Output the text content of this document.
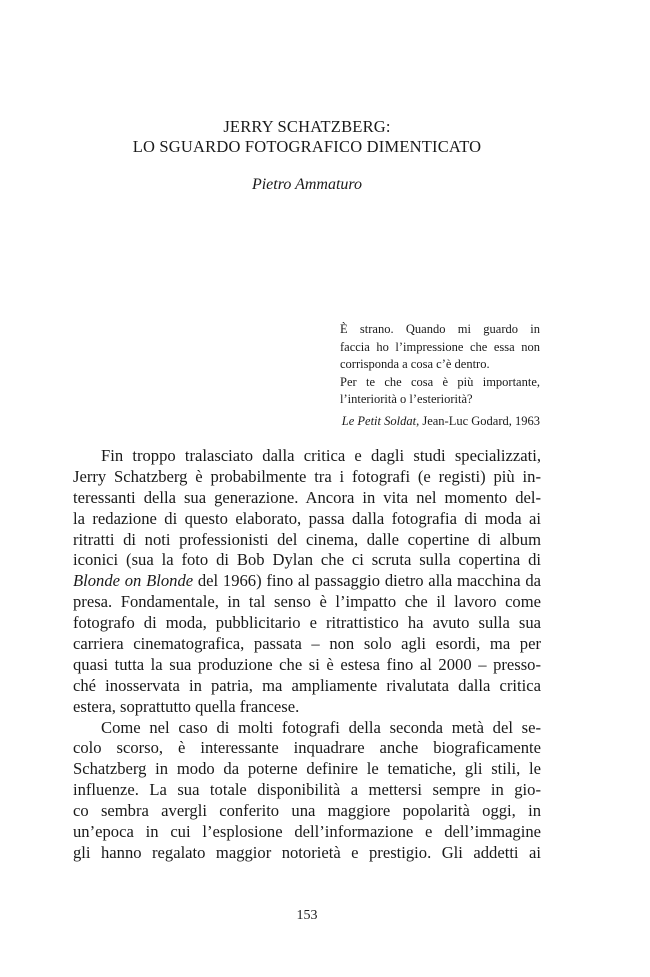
JERRY SCHATZBERG:
LO SGUARDO FOTOGRAFICO DIMENTICATO
Pietro Ammaturo
È strano. Quando mi guardo in
faccia ho l’impressione che essa non
corrisponda a cosa c’è dentro.
Per te che cosa è più importante,
l’interiorità o l’esteriorità?
Le Petit Soldat, Jean-Luc Godard, 1963
Fin troppo tralasciato dalla critica e dagli studi specializzati,
Jerry Schatzberg è probabilmente tra i fotografi (e registi) più in-
teressanti della sua generazione. Ancora in vita nel momento del-
la redazione di questo elaborato, passa dalla fotografia di moda ai
ritratti di noti professionisti del cinema, dalle copertine di album
iconici (sua la foto di Bob Dylan che ci scruta sulla copertina di
Blonde on Blonde del 1966) fino al passaggio dietro alla macchina da
presa. Fondamentale, in tal senso è l’impatto che il lavoro come
fotografo di moda, pubblicitario e ritrattistico ha avuto sulla sua
carriera cinematografica, passata – non solo agli esordi, ma per
quasi tutta la sua produzione che si è estesa fino al 2000 – presso-
ché inosservata in patria, ma ampliamente rivalutata dalla critica
estera, soprattutto quella francese.
Come nel caso di molti fotografi della seconda metà del se-
colo scorso, è interessante inquadrare anche biograficamente
Schatzberg in modo da poterne definire le tematiche, gli stili, le
influenze. La sua totale disponibilità a mettersi sempre in gio-
co sembra avergli conferito una maggiore popolarità oggi, in
un’epoca in cui l’esplosione dell’informazione e dell’immagine
gli hanno regalato maggior notorietà e prestigio. Gli addetti ai
153
